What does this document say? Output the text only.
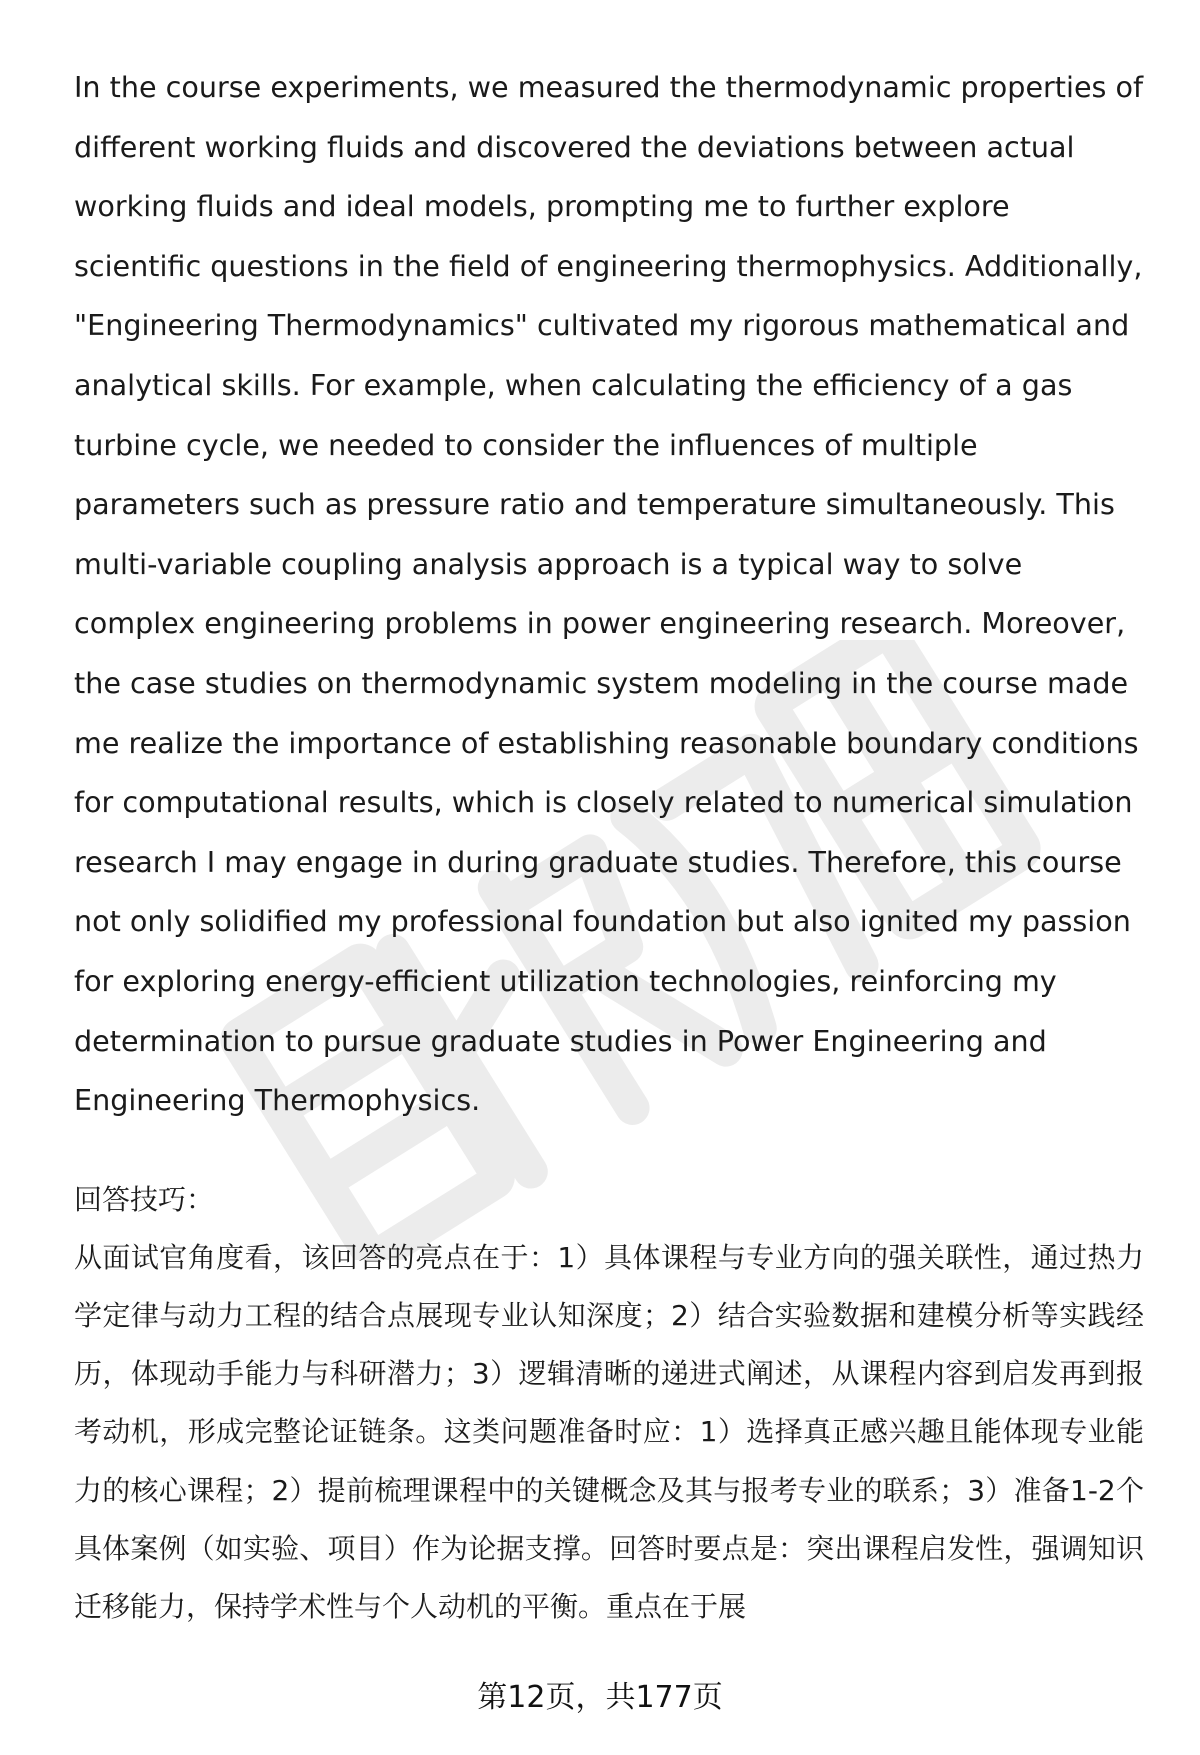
In the course experiments, we measured the thermodynamic properties of different working fluids and discovered the deviations between actual working fluids and ideal models, prompting me to further explore scientific questions in the field of engineering thermophysics. Additionally, "Engineering Thermodynamics" cultivated my rigorous mathematical and analytical skills. For example, when calculating the efficiency of a gas turbine cycle, we needed to consider the influences of multiple parameters such as pressure ratio and temperature simultaneously. This multi-variable coupling analysis approach is a typical way to solve complex engineering problems in power engineering research. Moreover, the case studies on thermodynamic system modeling in the course made me realize the importance of establishing reasonable boundary conditions for computational results, which is closely related to numerical simulation research I may engage in during graduate studies. Therefore, this course not only solidified my professional foundation but also ignited my passion for exploring energy-efficient utilization technologies, reinforcing my determination to pursue graduate studies in Power Engineering and Engineering Thermophysics.

回答技巧：

从面试官角度看，该回答的亮点在于：1）具体课程与专业方向的强关联性，通过热力学定律与动力工程的结合点展现专业认知深度；2）结合实验数据和建模分析等实践经历，体现动手能力与科研潜力；3）逻辑清晰的递进式阐述，从课程内容到启发再到报考动机，形成完整论证链条。这类问题准备时应：1）选择真正感兴趣且能体现专业能力的核心课程；2）提前梳理课程中的关键概念及其与报考专业的联系；3）准备1-2个具体案例（如实验、项目）作为论据支撑。回答时要点是：突出课程启发性，强调知识迁移能力，保持学术性与个人动机的平衡。重点在于展

第12页，共177页
